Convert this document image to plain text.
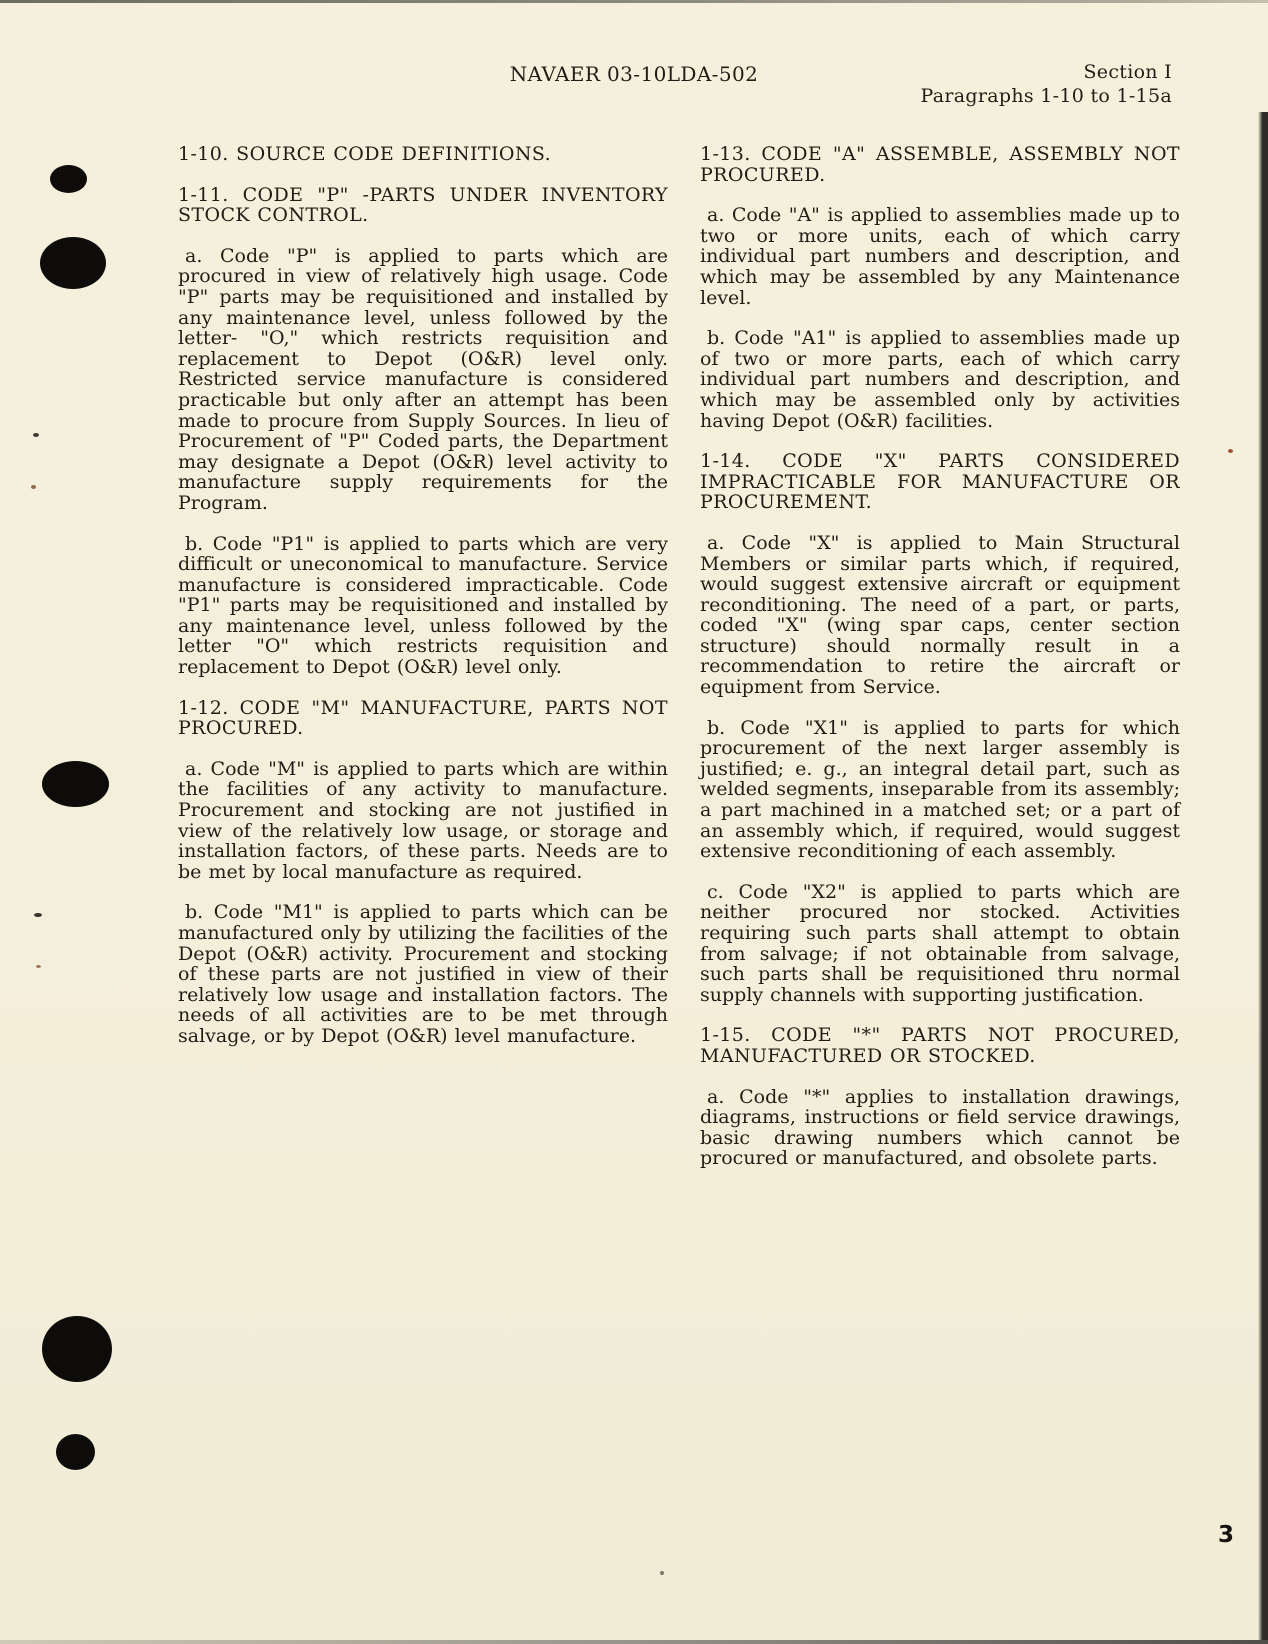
NAVAER 03-10LDA-502	Section I
Paragraphs 1-10 to 1-15a
1-10. SOURCE CODE DEFINITIONS.
1-11. CODE "P" -PARTS UNDER INVENTORY STOCK CONTROL.

a. Code "P" is applied to parts which are procured in view of relatively high usage. Code "P" parts may be requisitioned and installed by any maintenance level, unless followed by the letter- "O," which restricts requisition and replacement to Depot (O&R) level only. Restricted service manufacture is considered practicable but only after an attempt has been made to procure from Supply Sources. In lieu of Procurement of "P" Coded parts, the Department may designate a Depot (O&R) level activity to manufacture supply requirements for the Program.

b. Code "P1" is applied to parts which are very difficult or uneconomical to manufacture. Service manufacture is considered impracticable. Code "P1" parts may be requisitioned and installed by any maintenance level, unless followed by the letter "O" which restricts requisition and replacement to Depot (O&R) level only.

1-12. CODE "M" MANUFACTURE, PARTS NOT PROCURED.

a. Code "M" is applied to parts which are within the facilities of any activity to manufacture. Procurement and stocking are not justified in view of the relatively low usage, or storage and installation factors, of these parts. Needs are to be met by local manufacture as required.

b. Code "M1" is applied to parts which can be manufactured only by utilizing the facilities of the Depot (O&R) activity. Procurement and stocking of these parts are not justified in view of their relatively low usage and installation factors. The needs of all activities are to be met through salvage, or by Depot (O&R) level manufacture.

1-13. CODE "A" ASSEMBLE, ASSEMBLY NOT PROCURED.

a. Code "A" is applied to assemblies made up to two or more units, each of which carry individual part numbers and description, and which may be assembled by any Maintenance level.

b. Code "A1" is applied to assemblies made up of two or more parts, each of which carry individual part numbers and description, and which may be assembled only by activities having Depot (O&R) facilities.

1-14. CODE "X" PARTS CONSIDERED IMPRACTICABLE FOR MANUFACTURE OR PROCUREMENT.

a. Code "X" is applied to Main Structural Members or similar parts which, if required, would suggest extensive aircraft or equipment reconditioning. The need of a part, or parts, coded "X" (wing spar caps, center section structure) should normally result in a recommendation to retire the aircraft or equipment from Service.

b. Code "X1" is applied to parts for which procurement of the next larger assembly is justified; e. g., an integral detail part, such as welded segments, inseparable from its assembly; a part machined in a matched set; or a part of an assembly which, if required, would suggest extensive reconditioning of each assembly.

c. Code "X2" is applied to parts which are neither procured nor stocked. Activities requiring such parts shall attempt to obtain from salvage; if not obtainable from salvage, such parts shall be requisitioned thru normal supply channels with supporting justification.

1-15. CODE "*" PARTS NOT PROCURED, MANUFACTURED OR STOCKED.

a. Code "*" applies to installation drawings, diagrams, instructions or field service drawings, basic drawing numbers which cannot be procured or manufactured, and obsolete parts.

3
